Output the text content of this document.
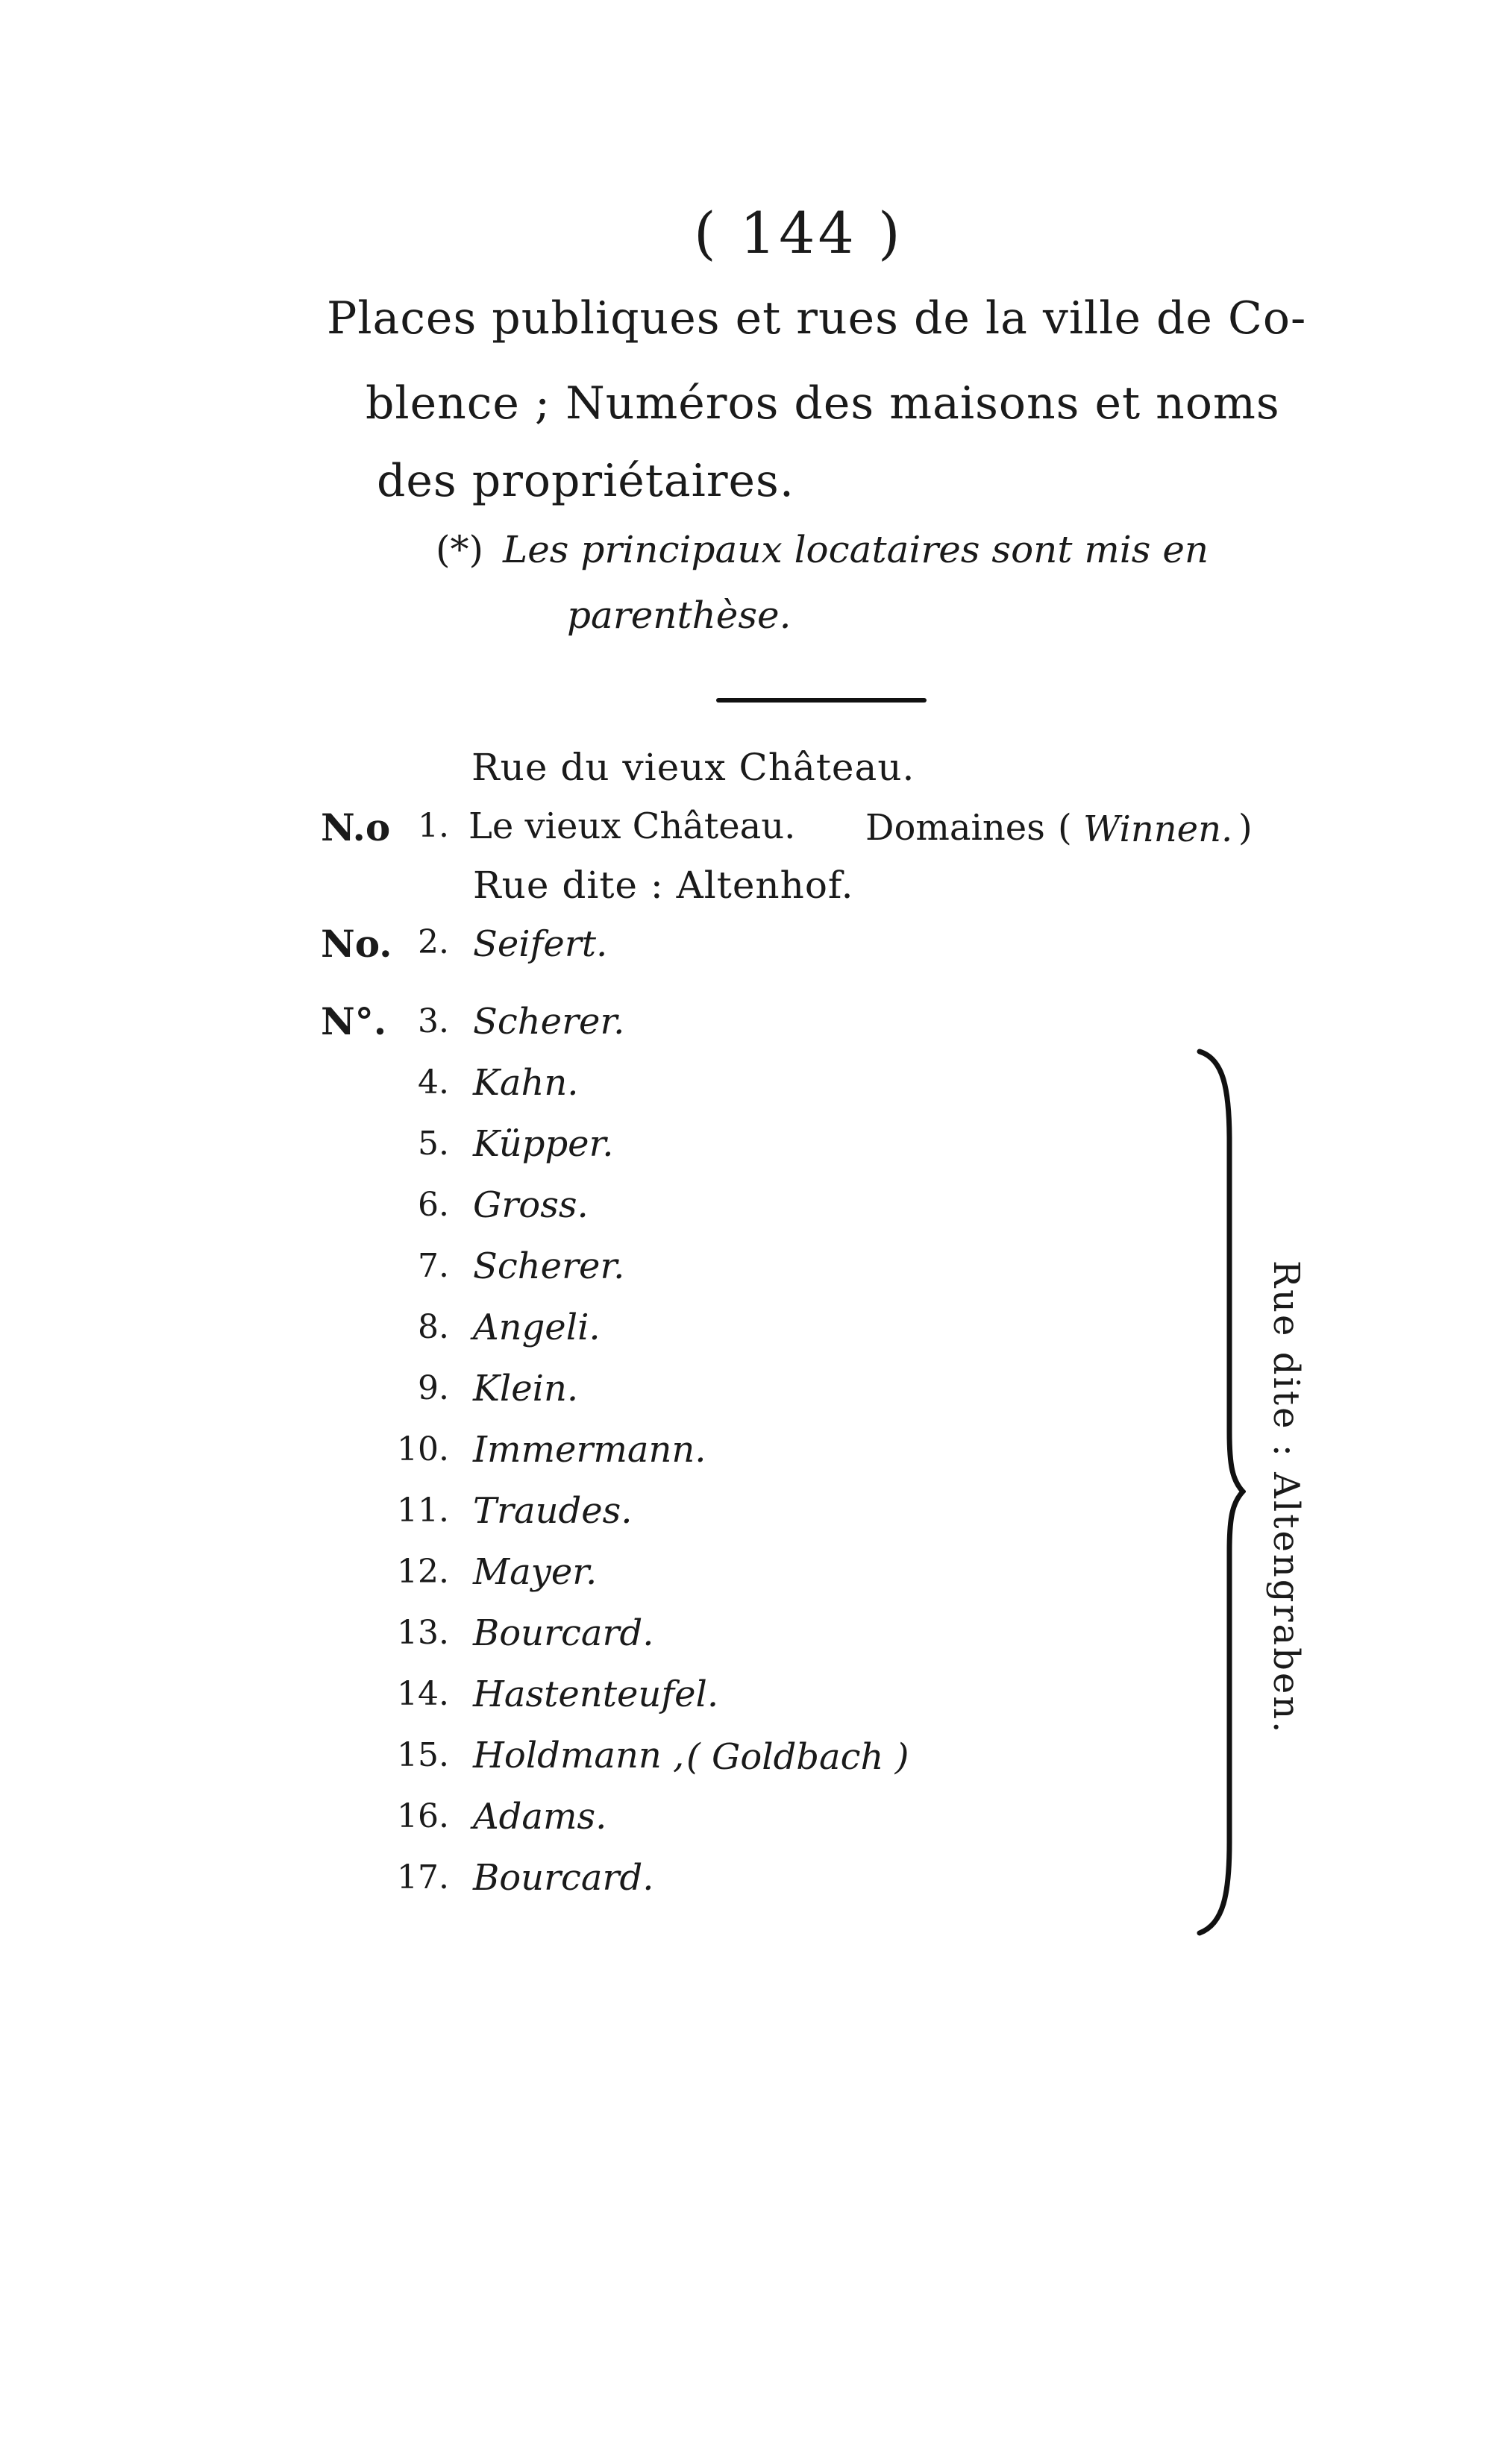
( 144 )
Places publiques et rues de la ville de Co-
blence ; Numéros des maisons et noms
des propriétaires.
(*) Les principaux locataires sont mis en
parenthèse.
Rue du vieux Château.
N.o 1. Le vieux Château. Domaines ( Winnen. )
Rue dite : Altenhof.
No. 2. Seifert.
N°. 3. Scherer.
4. Kahn.
5. Küpper.
6. Gross.
7. Scherer.
8. Angeli.
9. Klein.
10. Immermann.
11. Traudes.
12. Mayer.
13. Bourcard.
14. Hastenteufel.
15. Holdmann , ( Goldbach )
16. Adams.
17. Bourcard.
Rue dite : Altengraben.
